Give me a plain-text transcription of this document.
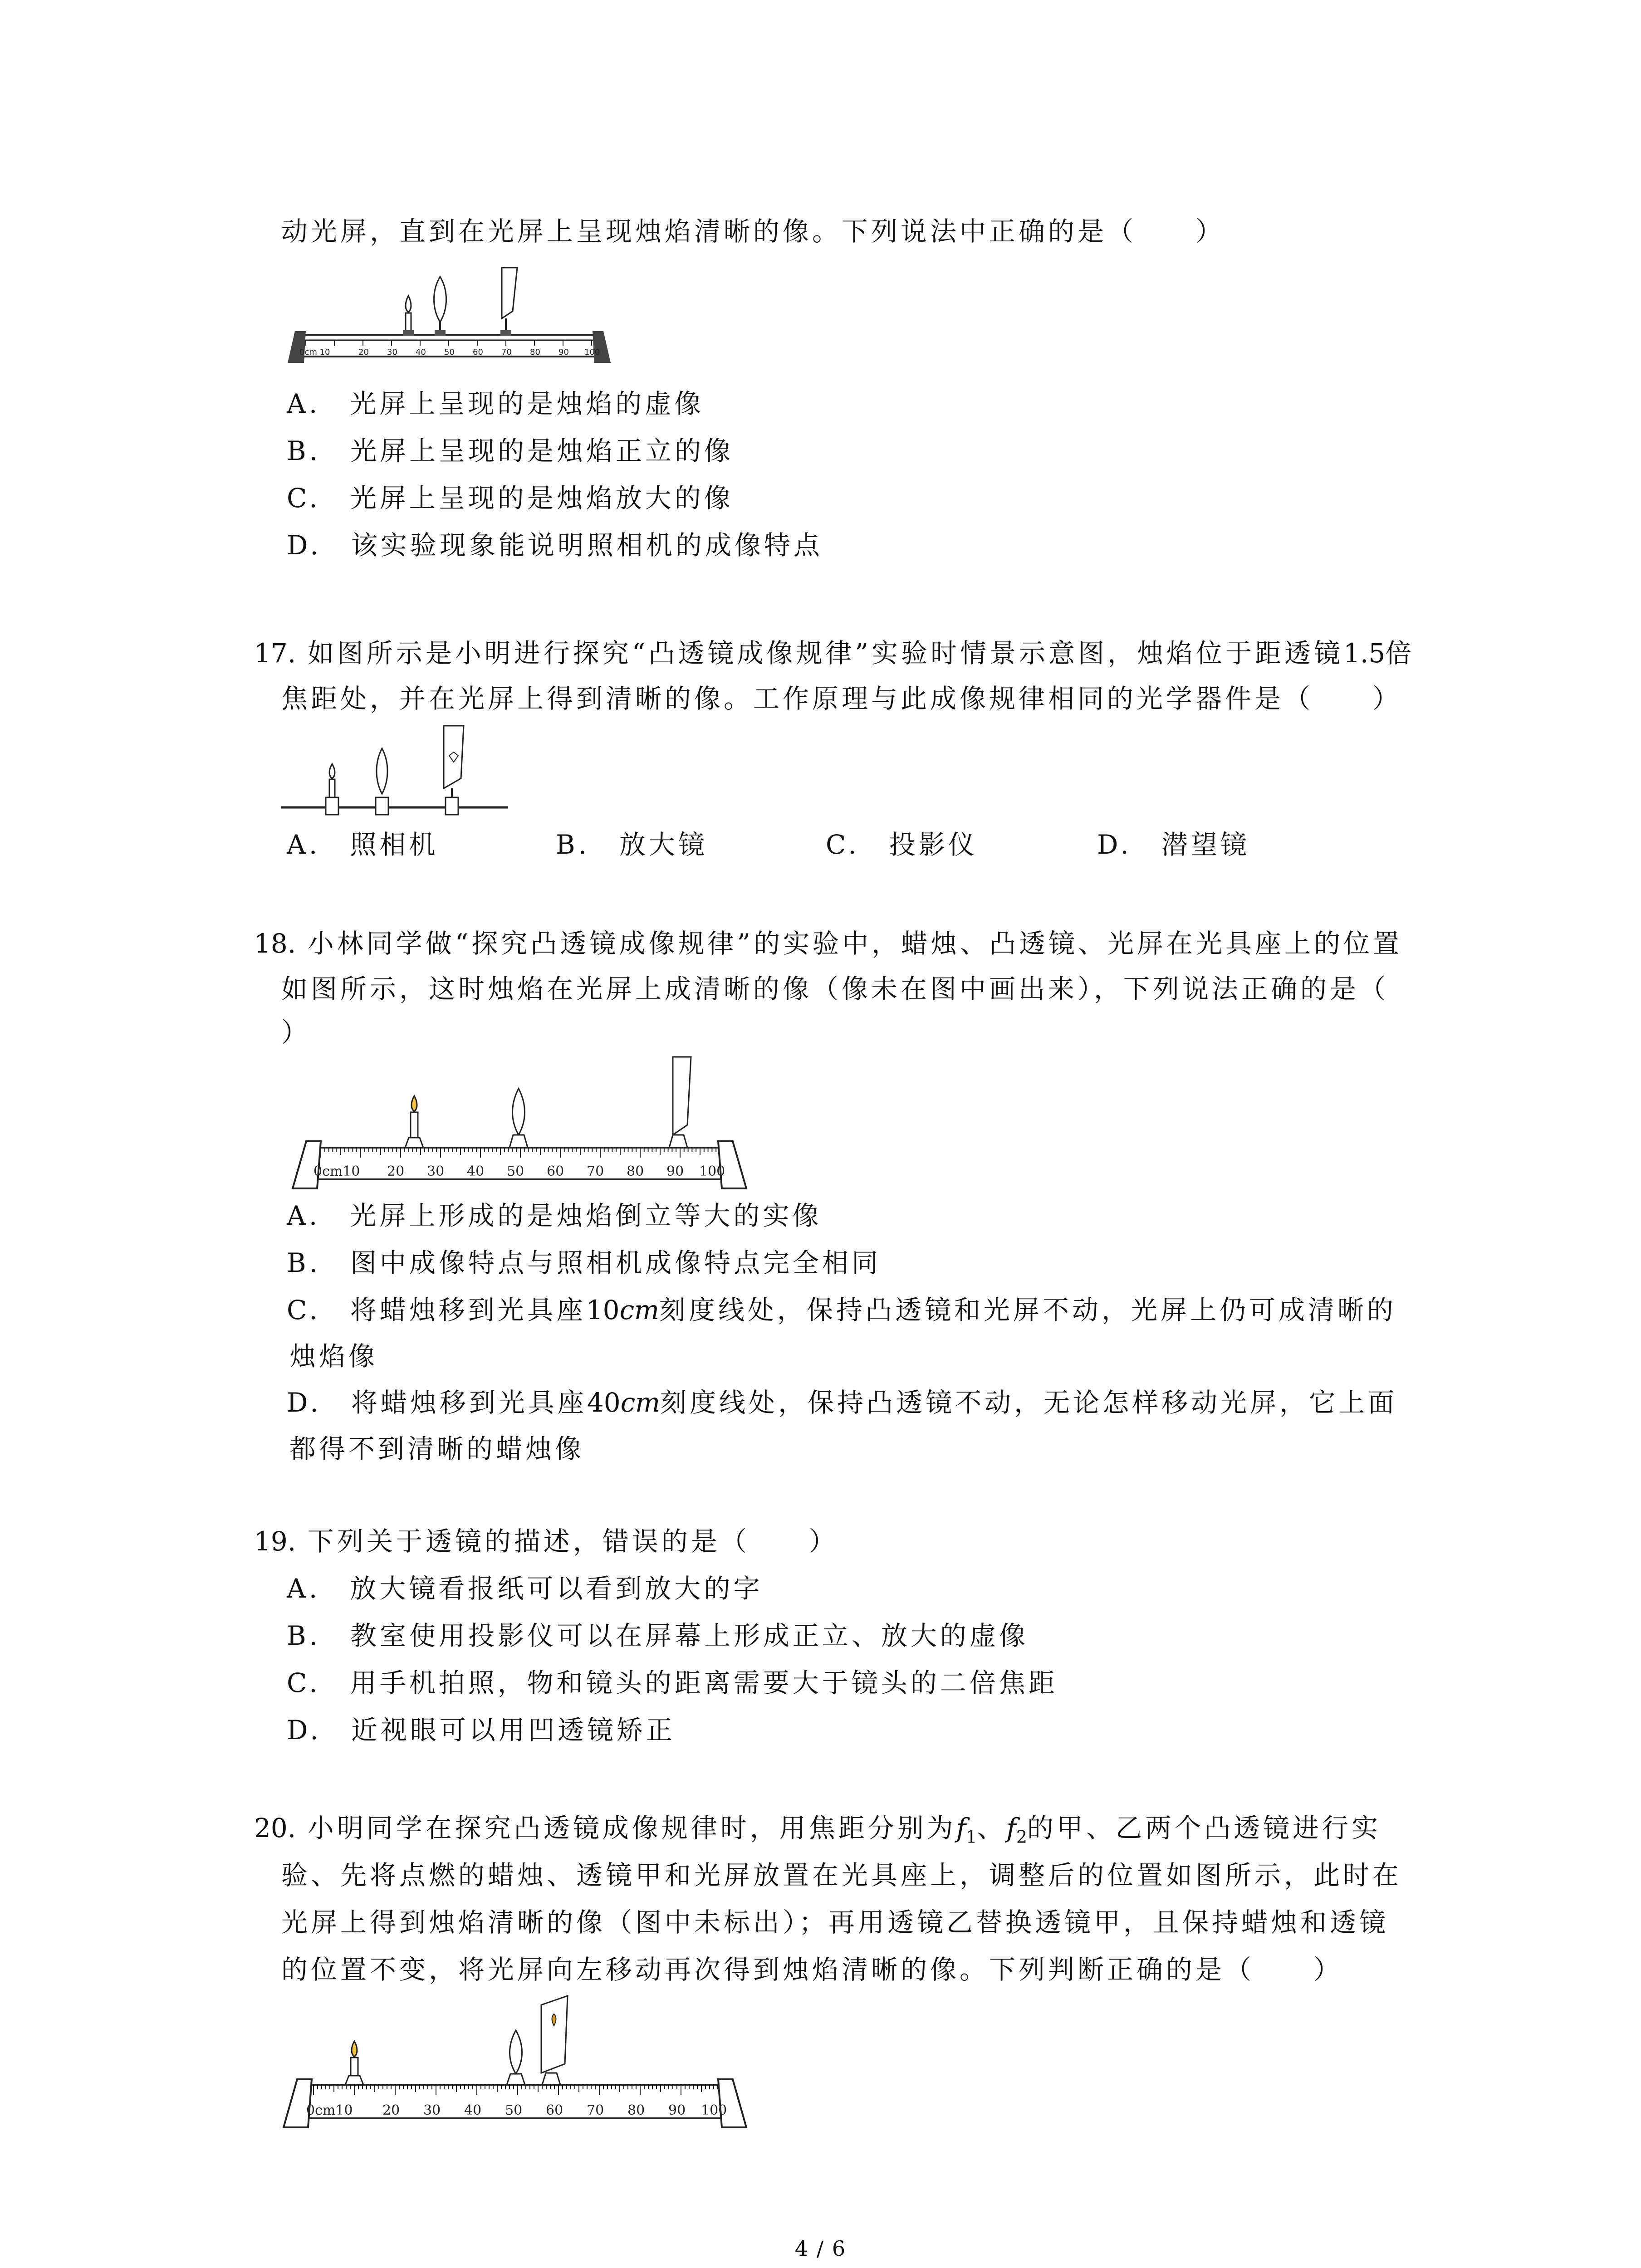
动光屏，直到在光屏上呈现烛焰清晰的像。下列说法中正确的是（　　）
0cm 10	20 30 40 50 60 70 80 90 100
A.　光屏上呈现的是烛焰的虚像
B.　光屏上呈现的是烛焰正立的像
C.　光屏上呈现的是烛焰放大的像
D.　该实验现象能说明照相机的成像特点
17. 如图所示是小明进行探究“凸透镜成像规律”实验时情景示意图，烛焰位于距透镜1.5倍
焦距处，并在光屏上得到清晰的像。工作原理与此成像规律相同的光学器件是（　　）
A.　照相机	B.　放大镜	C.　投影仪	D.　潜望镜
18. 小林同学做“探究凸透镜成像规律”的实验中，蜡烛、凸透镜、光屏在光具座上的位置
如图所示，这时烛焰在光屏上成清晰的像（像未在图中画出来），下列说法正确的是（
）
0cm10 20 30 40 50 60 70 80 90 100
A.　光屏上形成的是烛焰倒立等大的实像
B.　图中成像特点与照相机成像特点完全相同
C.　将蜡烛移到光具座10cm刻度线处，保持凸透镜和光屏不动，光屏上仍可成清晰的
烛焰像
D.　将蜡烛移到光具座40cm刻度线处，保持凸透镜不动，无论怎样移动光屏，它上面
都得不到清晰的蜡烛像
19. 下列关于透镜的描述，错误的是（　　）
A.　放大镜看报纸可以看到放大的字
B.　教室使用投影仪可以在屏幕上形成正立、放大的虚像
C.　用手机拍照，物和镜头的距离需要大于镜头的二倍焦距
D.　近视眼可以用凹透镜矫正
20. 小明同学在探究凸透镜成像规律时，用焦距分别为$f_1$、$f_2$的甲、乙两个凸透镜进行实
验、先将点燃的蜡烛、透镜甲和光屏放置在光具座上，调整后的位置如图所示，此时在
光屏上得到烛焰清晰的像（图中未标出）；再用透镜乙替换透镜甲，且保持蜡烛和透镜
的位置不变，将光屏向左移动再次得到烛焰清晰的像。下列判断正确的是（　　）
0cm10 20 30 40 50 60 70 80 90 100
4 / 6
